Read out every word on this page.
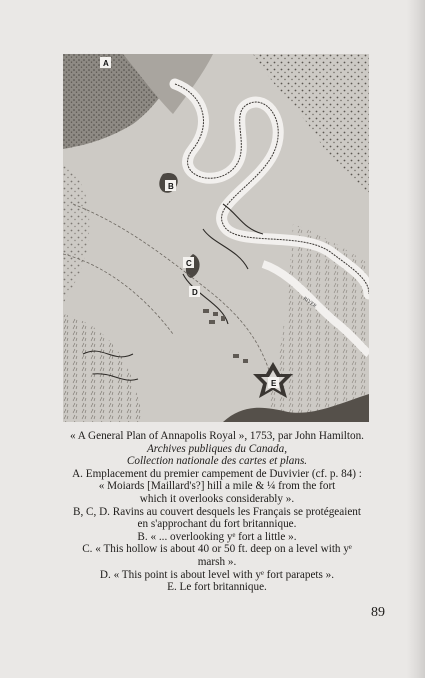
RIVER
A
B
C
D
E
« A General Plan of Annapolis Royal », 1753, par John Hamilton.
Archives publiques du Canada,
Collection nationale des cartes et plans.
A. Emplacement du premier campement de Duvivier (cf. p. 84) :
« Moiards [Maillard's?] hill a mile & ¼ from the fort
which it overlooks considerably ».
B, C, D. Ravins au couvert desquels les Français se protégeaient
en s'approchant du fort britannique.
B. « ... overlooking yᵉ fort a little ».
C. « This hollow is about 40 or 50 ft. deep on a level with yᵉ
marsh ».
D. « This point is about level with yᵉ fort parapets ».
E. Le fort britannique.
89
